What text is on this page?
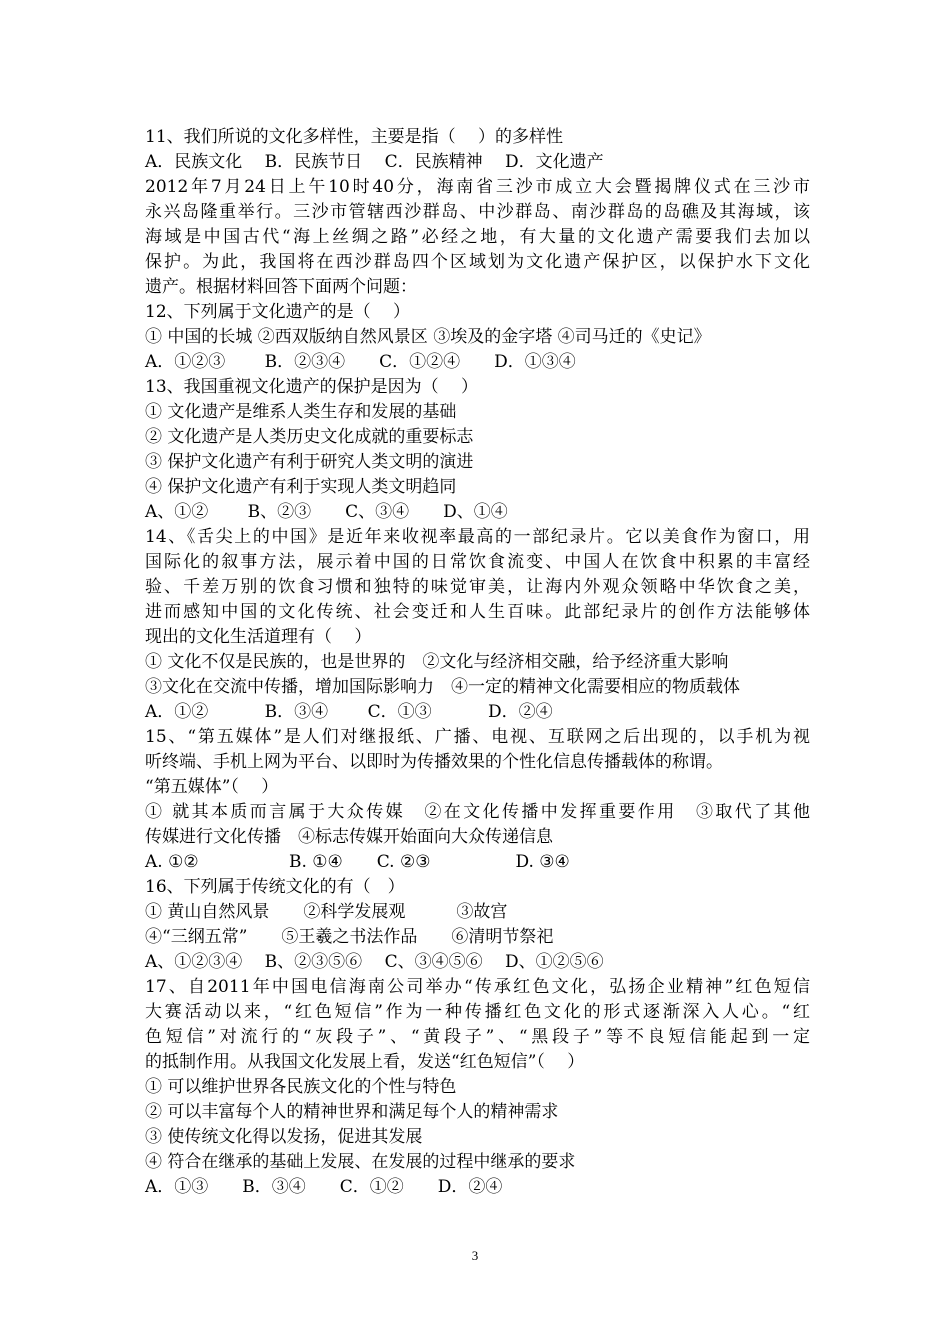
11、我们所说的文化多样性，主要是指（　 ）的多样性
A．民族文化　 B．民族节日　 C．民族精神　 D．文化遗产
2012年7月24日上午10时40分，海南省三沙市成立大会暨揭牌仪式在三沙市
永兴岛隆重举行。三沙市管辖西沙群岛、中沙群岛、南沙群岛的岛礁及其海域，该
海域是中国古代“海上丝绸之路”必经之地，有大量的文化遗产需要我们去加以
保护。为此，我国将在西沙群岛四个区域划为文化遗产保护区，以保护水下文化
遗产。根据材料回答下面两个问题：
12、下列属于文化遗产的是（　 ）
① 中国的长城 ②西双版纳自然风景区 ③埃及的金字塔 ④司马迁的《史记》
A．①②③　　 B．②③④　　C．①②④　　D．①③④
13、我国重视文化遗产的保护是因为（　 ）
① 文化遗产是维系人类生存和发展的基础
② 文化遗产是人类历史文化成就的重要标志
③ 保护文化遗产有利于研究人类文明的演进
④ 保护文化遗产有利于实现人类文明趋同
A、①②　　 B、②③　　C、③④　　D、①④
14、《舌尖上的中国》是近年来收视率最高的一部纪录片。它以美食作为窗口，用
国际化的叙事方法，展示着中国的日常饮食流变、中国人在饮食中积累的丰富经
验、千差万别的饮食习惯和独特的味觉审美，让海内外观众领略中华饮食之美，
进而感知中国的文化传统、社会变迁和人生百味。此部纪录片的创作方法能够体
现出的文化生活道理有（　 ）
① 文化不仅是民族的，也是世界的　②文化与经济相交融，给予经济重大影响
③文化在交流中传播，增加国际影响力　④一定的精神文化需要相应的物质载体
A．①②　　　 B．③④　　 C．①③　　　 D．②④
15、“第五媒体”是人们对继报纸、广播、电视、互联网之后出现的，以手机为视
听终端、手机上网为平台、以即时为传播效果的个性化信息传播载体的称谓。
“第五媒体”（　 ）
① 就其本质而言属于大众传媒　②在文化传播中发挥重要作用　③取代了其他
传媒进行文化传播　④标志传媒开始面向大众传递信息
A. ①②　　　　　 B. ①④　　C. ②③　　　　　D. ③④
16、下列属于传统文化的有（　）
① 黄山自然风景　　②科学发展观　　　③故宫
④“三纲五常”　　⑤王羲之书法作品　　⑥清明节祭祀
A、①②③④　 B、②③⑤⑥　 C、③④⑤⑥　 D、①②⑤⑥
17、自2011年中国电信海南公司举办“传承红色文化，弘扬企业精神”红色短信
大赛活动以来，“红色短信”作为一种传播红色文化的形式逐渐深入人心。“红
色短信”对流行的“灰段子”、“黄段子”、“黑段子”等不良短信能起到一定
的抵制作用。从我国文化发展上看，发送“红色短信”（　 ）
① 可以维护世界各民族文化的个性与特色
② 可以丰富每个人的精神世界和满足每个人的精神需求
③ 使传统文化得以发扬，促进其发展
④ 符合在继承的基础上发展、在发展的过程中继承的要求
A．①③　　B．③④　　C．①②　　D．②④
3
